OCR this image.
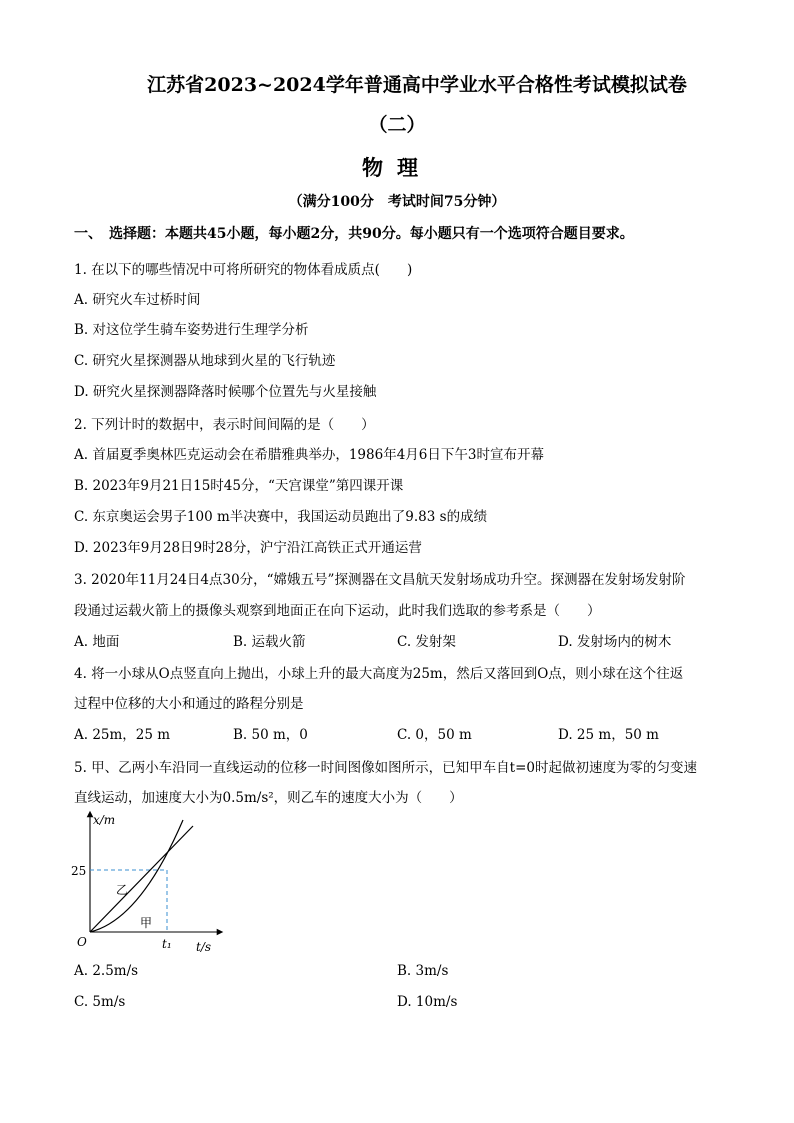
江苏省2023~2024学年普通高中学业水平合格性考试模拟试卷
（二）
物理
（满分100分　考试时间75分钟）
一、　选择题：本题共45小题，每小题2分，共90分。每小题只有一个选项符合题目要求。
1. 在以下的哪些情况中可将所研究的物体看成质点(　　)
A. 研究火车过桥时间
B. 对这位学生骑车姿势进行生理学分析
C. 研究火星探测器从地球到火星的飞行轨迹
D. 研究火星探测器降落时候哪个位置先与火星接触
2. 下列计时的数据中，表示时间间隔的是（　　）
A. 首届夏季奥林匹克运动会在希腊雅典举办，1986年4月6日下午3时宣布开幕
B. 2023年9月21日15时45分，“天宫课堂”第四课开课
C. 东京奥运会男子100 m半决赛中，我国运动员跑出了9.83 s的成绩
D. 2023年9月28日9时28分，沪宁沿江高铁正式开通运营
3. 2020年11月24日4点30分，“嫦娥五号”探测器在文昌航天发射场成功升空。探测器在发射场发射阶
段通过运载火箭上的摄像头观察到地面正在向下运动，此时我们选取的参考系是（　　）
A. 地面	B. 运载火箭	C. 发射架	D. 发射场内的树木
4. 将一小球从O点竖直向上抛出，小球上升的最大高度为25m，然后又落回到O点，则小球在这个往返
过程中位移的大小和通过的路程分别是
A. 25m，25 m	B. 50 m，0	C. 0，50 m	D. 25 m，50 m
5. 甲、乙两小车沿同一直线运动的位移一时间图像如图所示，已知甲车自t=0时起做初速度为零的匀变速
直线运动，加速度大小为0.5m/s²，则乙车的速度大小为（　　）
x/m
t/s
O
25
t₁
乙
甲
A. 2.5m/s	B. 3m/s
C. 5m/s	D. 10m/s
